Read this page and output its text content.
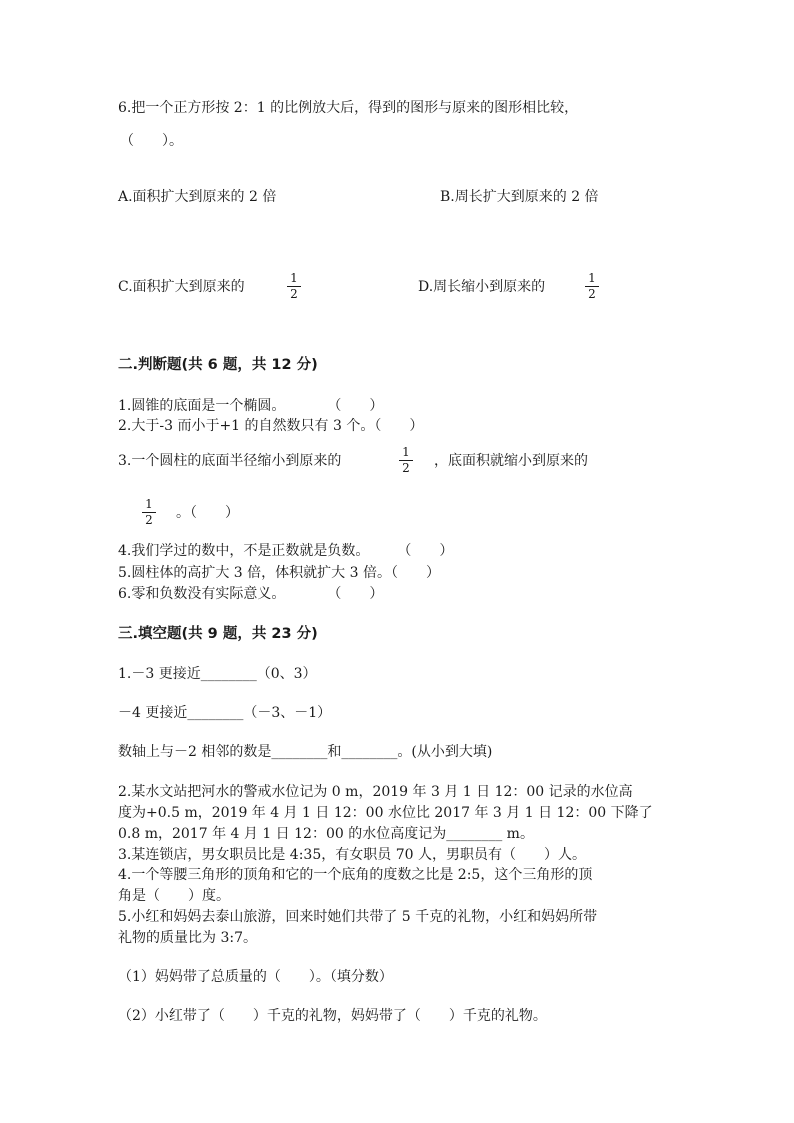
6.把一个正方形按 2：1 的比例放大后，得到的图形与原来的图形相比较，
（　　）。
A.面积扩大到原来的 2 倍	B.周长扩大到原来的 2 倍
C.面积扩大到原来的
1
2	D.周长缩小到原来的
1
2
二.判断题(共 6 题，共 12 分)
1.圆锥的底面是一个椭圆。　　　　（　　）
2.大于-3 而小于+1 的自然数只有 3 个。（　　）
3.一个圆柱的底面半径缩小到原来的
1
2 ，底面积就缩小到原来的
1
2 。（　　）
4.我们学过的数中，不是正数就是负数。　　　（　　）
5.圆柱体的高扩大 3 倍，体积就扩大 3 倍。（　　）
6.零和负数没有实际意义。　　　　（　　）
三.填空题(共 9 题，共 23 分)
1.－3 更接近________（0、3）
－4 更接近________（－3、－1）
数轴上与－2 相邻的数是________和________。(从小到大填)
2.某水文站把河水的警戒水位记为 0 m，2019 年 3 月 1 日 12：00 记录的水位高
度为+0.5 m，2019 年 4 月 1 日 12：00 水位比 2017 年 3 月 1 日 12：00 下降了
0.8 m，2017 年 4 月 1 日 12：00 的水位高度记为________ m。
3.某连锁店，男女职员比是 4:35，有女职员 70 人，男职员有（　　）人。
4.一个等腰三角形的顶角和它的一个底角的度数之比是 2:5，这个三角形的顶
角是（　　）度。
5.小红和妈妈去泰山旅游，回来时她们共带了 5 千克的礼物，小红和妈妈所带
礼物的质量比为 3:7。
（1）妈妈带了总质量的（　　）。（填分数）
（2）小红带了（　　）千克的礼物，妈妈带了（　　）千克的礼物。
